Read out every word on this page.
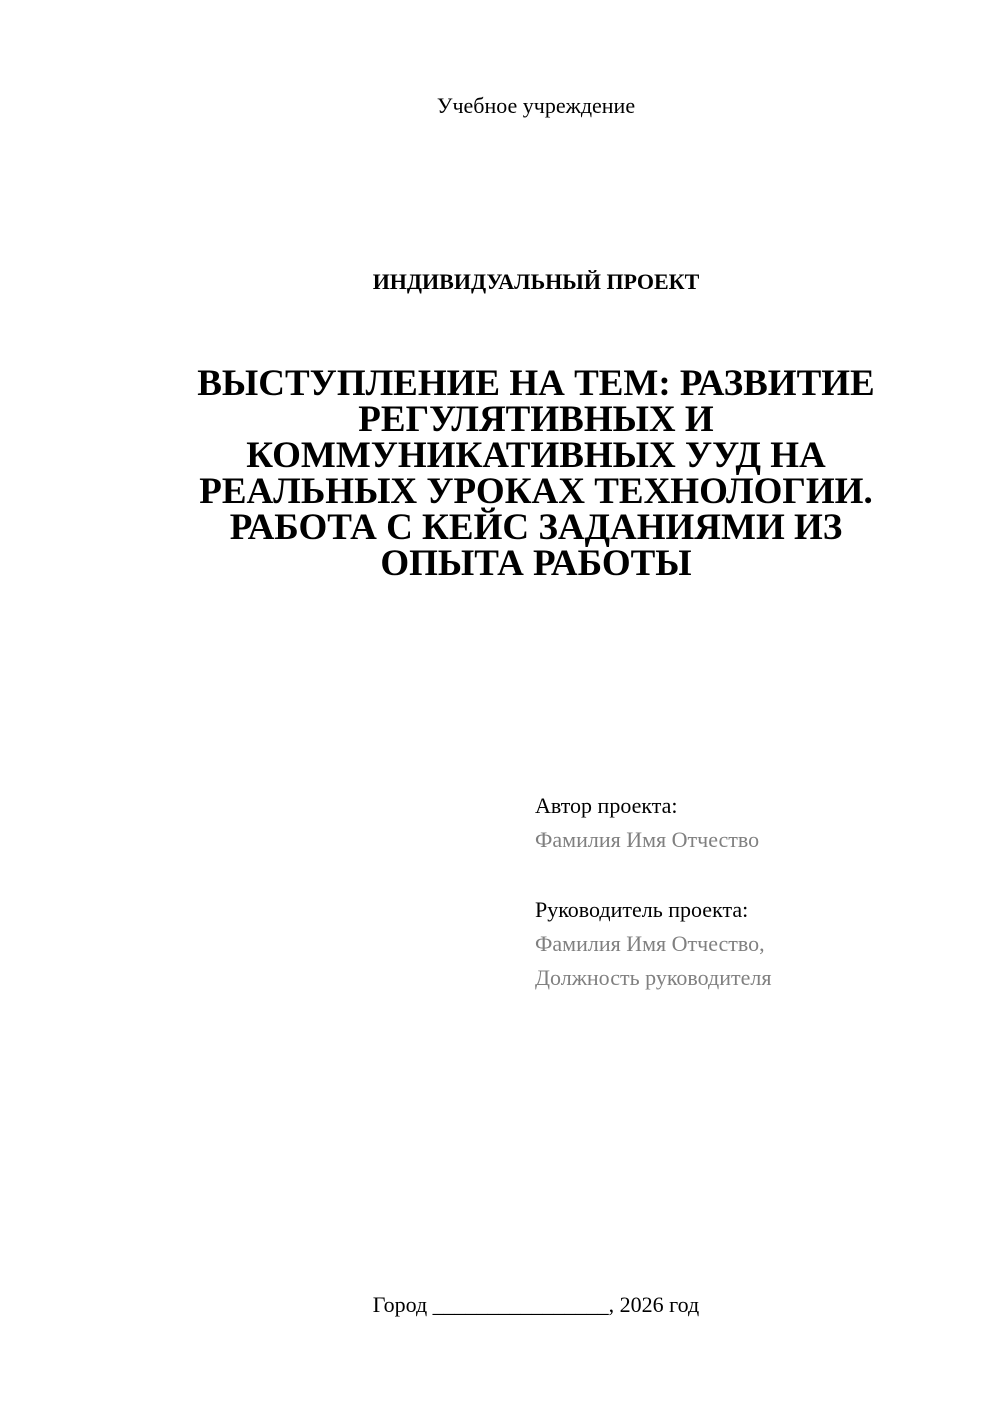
Учебное учреждение
ИНДИВИДУАЛЬНЫЙ ПРОЕКТ
ВЫСТУПЛЕНИЕ НА ТЕМ: РАЗВИТИЕ
РЕГУЛЯТИВНЫХ И
КОММУНИКАТИВНЫХ УУД НА
РЕАЛЬНЫХ УРОКАХ ТЕХНОЛОГИИ.
РАБОТА С КЕЙС ЗАДАНИЯМИ ИЗ
ОПЫТА РАБОТЫ
Автор проекта:
Фамилия Имя Отчество
Руководитель проекта:
Фамилия Имя Отчество,
Должность руководителя
Город ________________, 2026 год
